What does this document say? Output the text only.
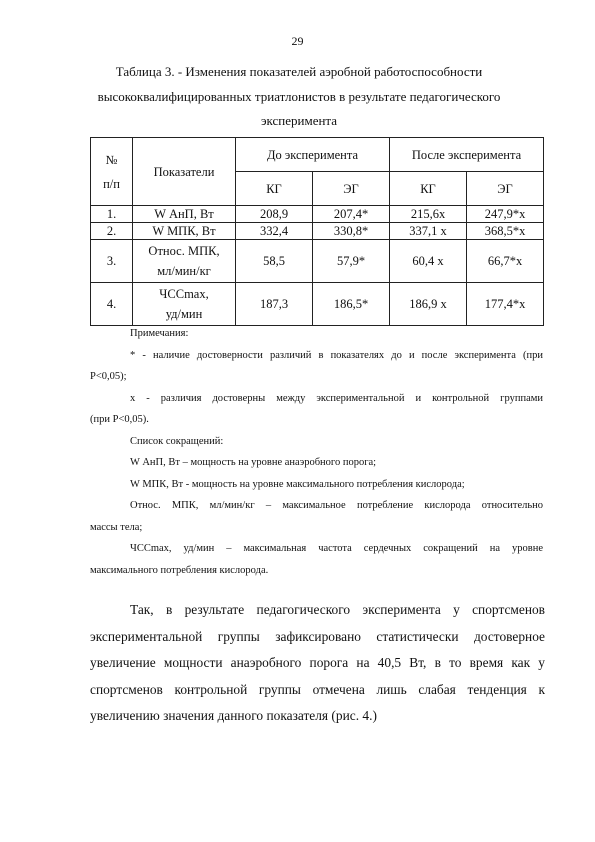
29
Таблица 3. - Изменения показателей аэробной работоспособности
высококвалифицированных триатлонистов в результате педагогического
эксперимента
№
п/п	Показатели	До эксперимента		После эксперимента	
		КГ	ЭГ	КГ	ЭГ
1.	W АнП, Вт	208,9	207,4*	215,6x	247,9*x
2.	W МПК, Вт	332,4	330,8*	337,1 x	368,5*x
3.	Относ. МПК,
мл/мин/кг	58,5	57,9*	60,4 x	66,7*x
4.	ЧССmax,
уд/мин	187,3	186,5*	186,9 x	177,4*x

Примечания:

* - наличие достоверности различий в показателях до и после эксперимента (при

Р<0,05);

x - различия достоверны между экспериментальной и контрольной группами

(при Р<0,05).

Список сокращений:

W АнП, Вт – мощность на уровне анаэробного порога;

W МПК, Вт - мощность на уровне максимального потребления кислорода;

Относ. МПК, мл/мин/кг – максимальное потребление кислорода относительно

массы тела;

ЧССmax, уд/мин – максимальная частота сердечных сокращений на уровне

максимального потребления кислорода.

Так, в результате педагогического эксперимента у спортсменов экспериментальной группы зафиксировано статистически достоверное увеличение мощности анаэробного порога на 40,5 Вт, в то время как у спортсменов контрольной группы отмечена лишь слабая тенденция к увеличению значения данного показателя (рис. 4.)
